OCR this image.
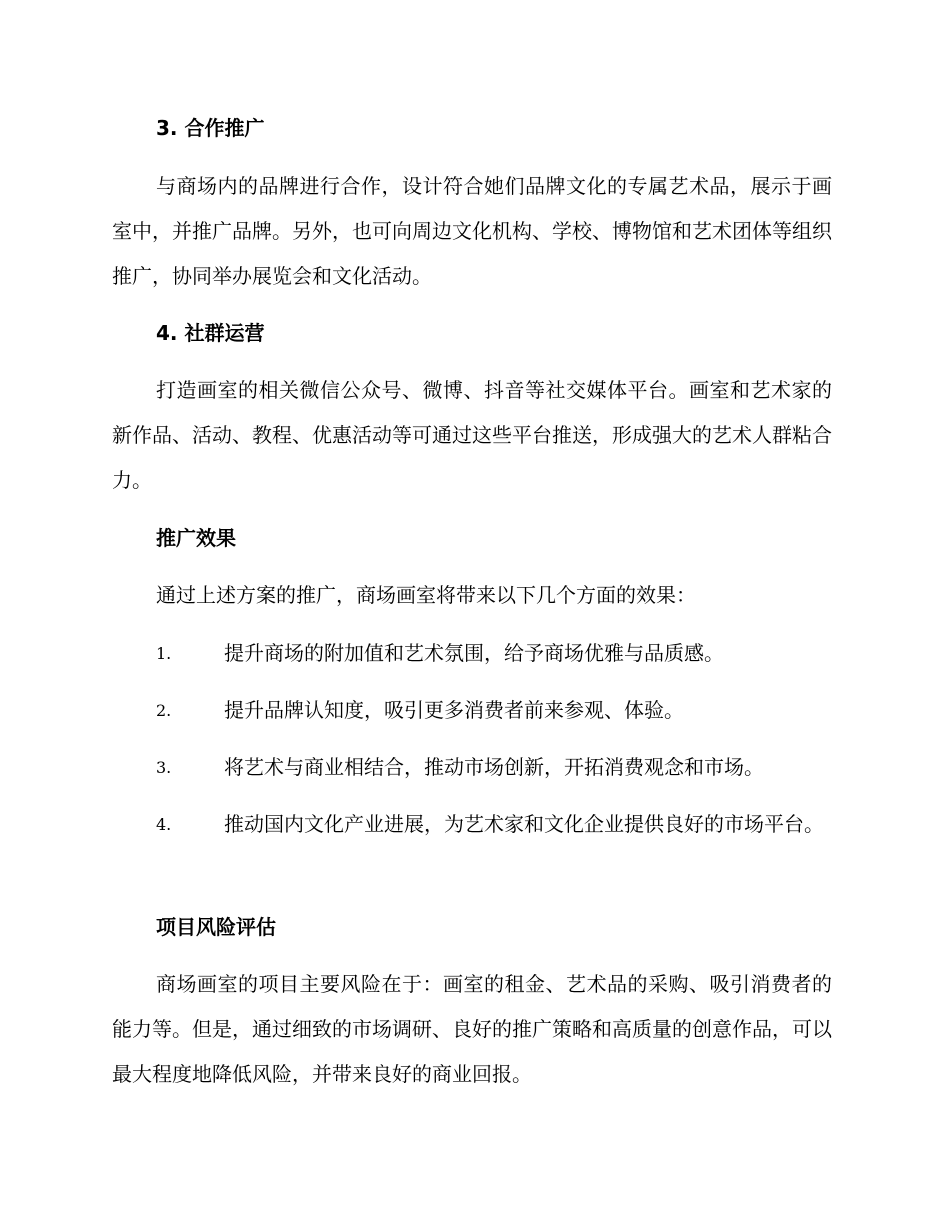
3. 合作推广
与商场内的品牌进行合作，设计符合她们品牌文化的专属艺术品，展示于画室中，并推广品牌。另外，也可向周边文化机构、学校、博物馆和艺术团体等组织推广，协同举办展览会和文化活动。
4. 社群运营
打造画室的相关微信公众号、微博、抖音等社交媒体平台。画室和艺术家的新作品、活动、教程、优惠活动等可通过这些平台推送，形成强大的艺术人群粘合力。
推广效果
通过上述方案的推广，商场画室将带来以下几个方面的效果：
1.	提升商场的附加值和艺术氛围，给予商场优雅与品质感。
2.	提升品牌认知度，吸引更多消费者前来参观、体验。
3.	将艺术与商业相结合，推动市场创新，开拓消费观念和市场。
4.	推动国内文化产业进展，为艺术家和文化企业提供良好的市场平台。
项目风险评估
商场画室的项目主要风险在于：画室的租金、艺术品的采购、吸引消费者的能力等。但是，通过细致的市场调研、良好的推广策略和高质量的创意作品，可以最大程度地降低风险，并带来良好的商业回报。
